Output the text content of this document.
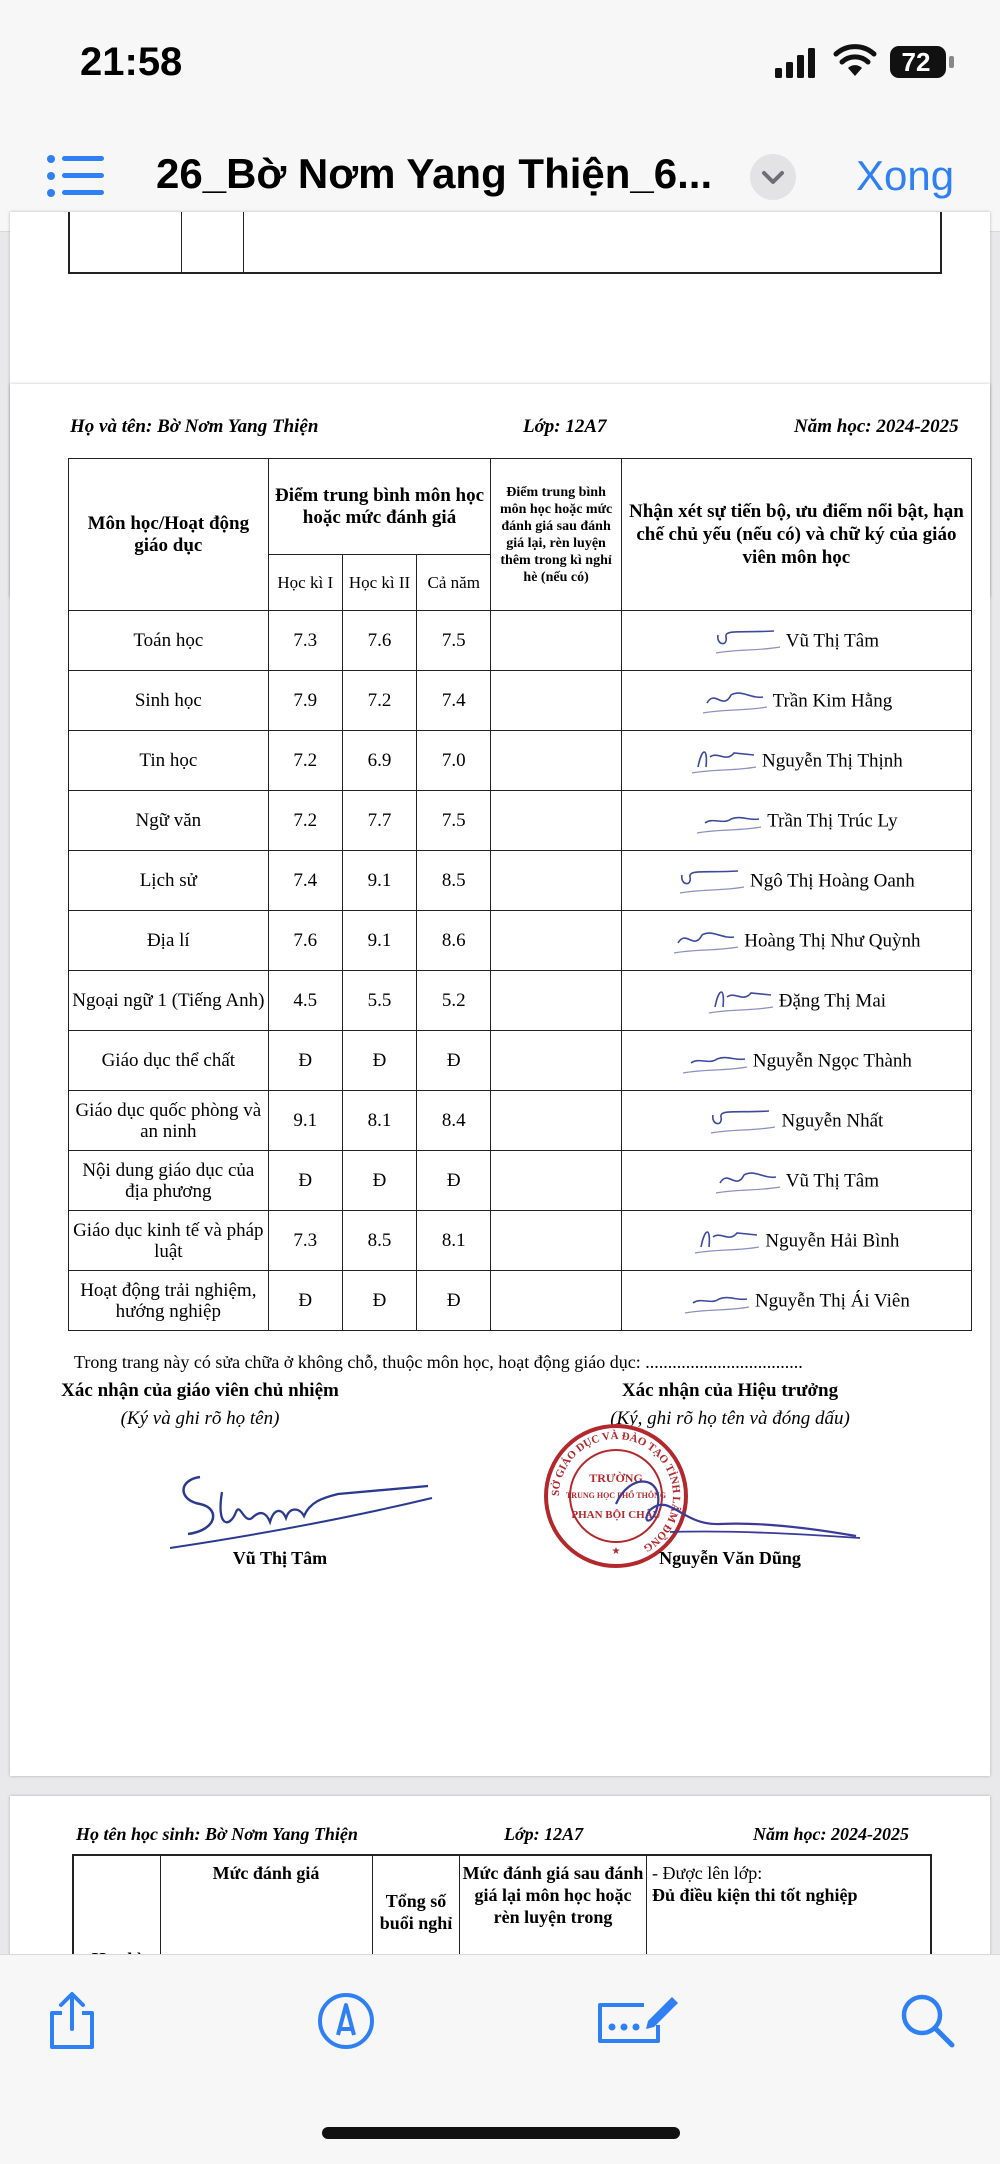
21:58	72
26_Bờ Nơm Yang Thiện_6...	Xong
Họ và tên: Bờ Nơm Yang Thiện	Lớp: 12A7	Năm học: 2024-2025
Môn học/Hoạt động giáo dục	Điểm trung bình môn học hoặc mức đánh giá			Điểm trung bình môn học hoặc mức đánh giá sau đánh giá lại, rèn luyện thêm trong kì nghỉ hè (nếu có)	Nhận xét sự tiến bộ, ưu điểm nổi bật, hạn chế chủ yếu (nếu có) và chữ ký của giáo viên môn học
	Học kì I	Học kì II	Cả năm		
Toán học	7.3	7.6	7.5		Vũ Thị Tâm
Sinh học	7.9	7.2	7.4		Trần Kim Hằng
Tin học	7.2	6.9	7.0		Nguyễn Thị Thịnh
Ngữ văn	7.2	7.7	7.5		Trần Thị Trúc Ly
Lịch sử	7.4	9.1	8.5		Ngô Thị Hoàng Oanh
Địa lí	7.6	9.1	8.6		Hoàng Thị Như Quỳnh
Ngoại ngữ 1 (Tiếng Anh)	4.5	5.5	5.2		Đặng Thị Mai
Giáo dục thể chất	Đ	Đ	Đ		Nguyễn Ngọc Thành
Giáo dục quốc phòng và an ninh	9.1	8.1	8.4		Nguyễn Nhất
Nội dung giáo dục của địa phương	Đ	Đ	Đ		Vũ Thị Tâm
Giáo dục kinh tế và pháp luật	7.3	8.5	8.1		Nguyễn Hải Bình
Hoạt động trải nghiệm, hướng nghiệp	Đ	Đ	Đ		Nguyễn Thị Ái Viên
Trong trang này có sửa chữa ở không chỗ, thuộc môn học, hoạt động giáo dục: ...................................
Xác nhận của giáo viên chủ nhiệm
(Ký và ghi rõ họ tên)
Xác nhận của Hiệu trưởng
(Ký, ghi rõ họ tên và đóng dấu)
SỞ GIÁO DỤC VÀ ĐÀO TẠO TỈNH LÂM ĐỒNG
TRƯỜNG
TRUNG HỌC PHỔ THÔNG
PHAN BỘI CHÂU
★
Vũ Thị Tâm	Nguyễn Văn Dũng
Họ tên học sinh: Bờ Nơm Yang Thiện	Lớp: 12A7	Năm học: 2024-2025
Mức đánh giá
Tổng số buổi nghỉ
Mức đánh giá sau đánh giá lại môn học hoặc rèn luyện trong
- Được lên lớp:
Đủ điều kiện thi tốt nghiệp
